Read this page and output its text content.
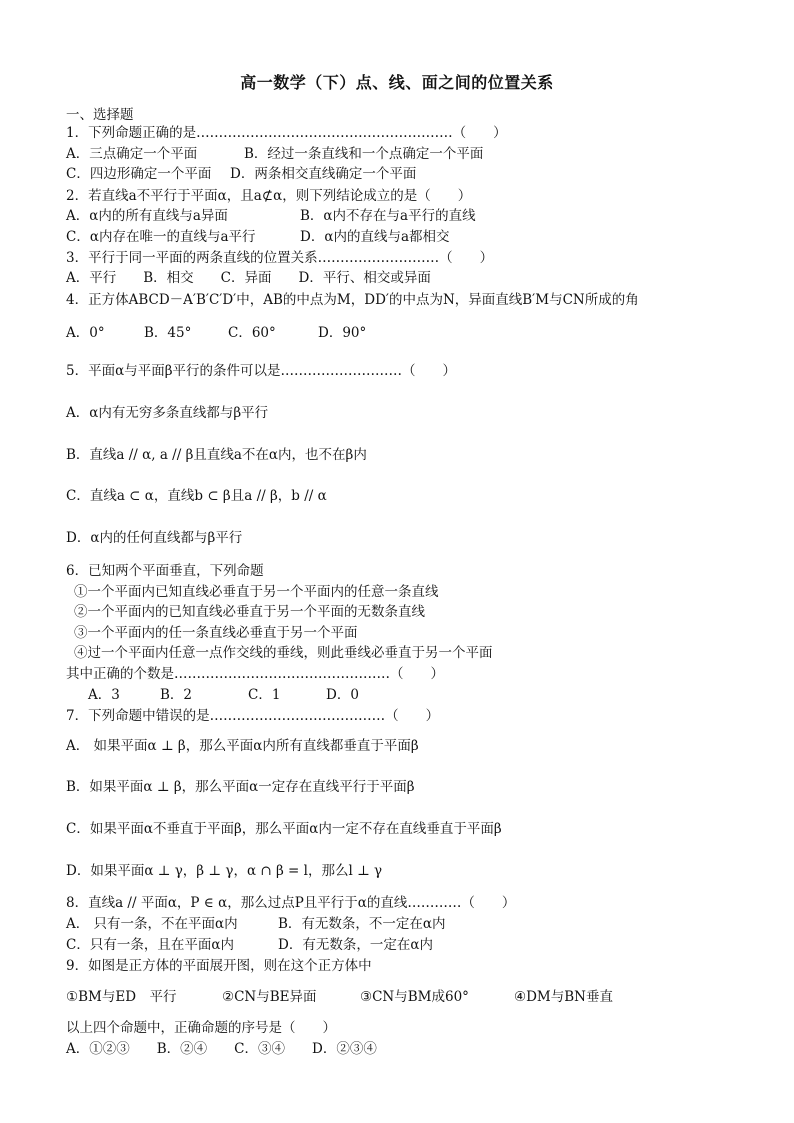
高一数学（下）点、线、面之间的位置关系
一、选择题
1．下列命题正确的是…………………………………………………（　　）
A．三点确定一个平面	B．经过一条直线和一个点确定一个平面
C．四边形确定一个平面 D．两条相交直线确定一个平面
2．若直线a不平行于平面α，且a⊄α，则下列结论成立的是（　　）
A．α内的所有直线与a异面	B．α内不存在与a平行的直线
C．α内存在唯一的直线与a平行	D．α内的直线与a都相交
3．平行于同一平面的两条直线的位置关系………………………（　　）
A．平行　　B．相交　　C．异面　　D．平行、相交或异面
4．正方体ABCD－A′B′C′D′中，AB的中点为M，DD′的中点为N，异面直线B′M与CN所成的角
A．0°	B．45°	C．60°	D．90°
5．平面α与平面β平行的条件可以是………………………（　　）
A．α内有无穷多条直线都与β平行
B．直线a // α, a // β且直线a不在α内，也不在β内
C．直线a ⊂ α，直线b ⊂ β且a // β，b // α
D．α内的任何直线都与β平行
6．已知两个平面垂直，下列命题
①一个平面内已知直线必垂直于另一个平面内的任意一条直线
②一个平面内的已知直线必垂直于另一个平面的无数条直线
③一个平面内的任一条直线必垂直于另一个平面
④过一个平面内任意一点作交线的垂线，则此垂线必垂直于另一个平面
其中正确的个数是…………………………………………（　　）
A．3	B．2	C．1	D．0
7．下列命题中错误的是…………………………………（　　）
A． 如果平面α ⊥ β，那么平面α内所有直线都垂直于平面β
B．如果平面α ⊥ β，那么平面α一定存在直线平行于平面β
C．如果平面α不垂直于平面β，那么平面α内一定不存在直线垂直于平面β
D．如果平面α ⊥ γ，β ⊥ γ，α ∩ β = l，那么l ⊥ γ
8．直线a // 平面α，P ∈ α，那么过点P且平行于α的直线…………（　　）
A． 只有一条，不在平面α内	B．有无数条，不一定在α内
C．只有一条，且在平面α内	D．有无数条，一定在α内
9．如图是正方体的平面展开图，则在这个正方体中
①BM与ED　平行	②CN与BE异面	③CN与BM成60°	④DM与BN垂直
以上四个命题中，正确命题的序号是（　　）
A．①②③　　B．②④　　C．③④　　D．②③④
